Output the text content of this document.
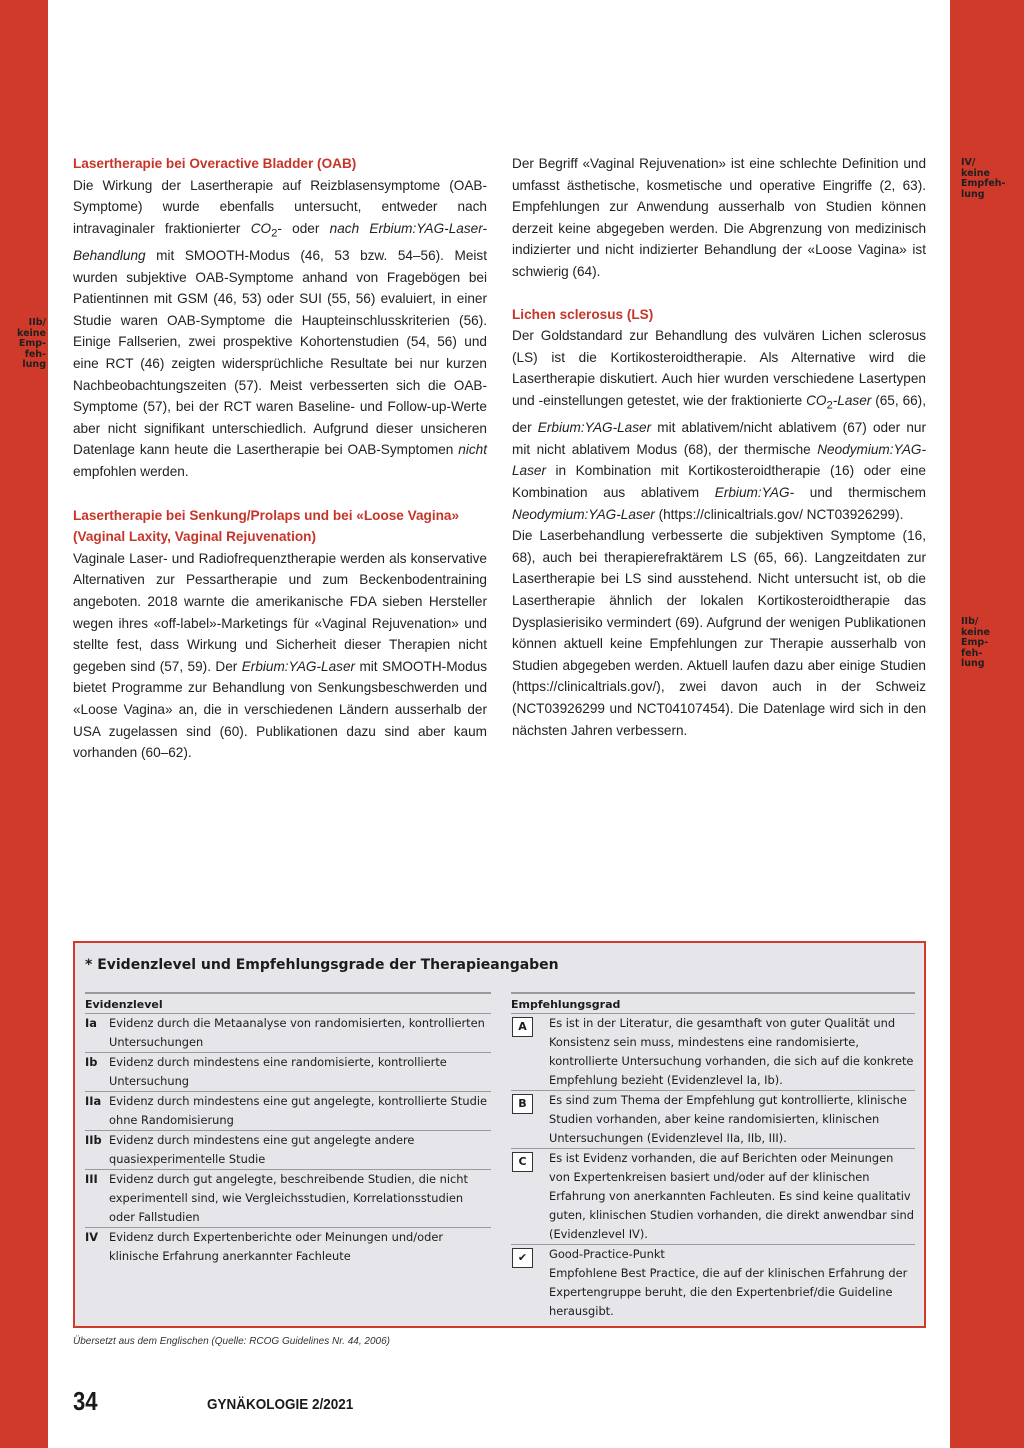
IIb/
keine
Emp-
feh-
lung
IV/
keine
Empfeh-
lung
IIb/
keine
Emp-
feh-
lung
Lasertherapie bei Overactive Bladder (OAB)

Die Wirkung der Lasertherapie auf Reizblasensymptome (OAB-Symptome) wurde ebenfalls untersucht, entweder nach intravaginaler fraktionierter $CO_2-$ oder nach Erbium:YAG-Laser-Behandlung mit SMOOTH-Modus (46, 53 bzw. 54–56). Meist wurden subjektive OAB-Symptome anhand von Fragebögen bei Patientinnen mit GSM (46, 53) oder SUI (55, 56) evaluiert, in einer Studie waren OAB-Symptome die Haupteinschlusskriterien (56). Einige Fallserien, zwei prospektive Kohortenstudien (54, 56) und eine RCT (46) zeigten widersprüchliche Resultate bei nur kurzen Nachbeobachtungszeiten (57). Meist verbesserten sich die OAB-Symptome (57), bei der RCT waren Baseline- und Follow-up-Werte aber nicht signifikant unterschiedlich. Aufgrund dieser unsicheren Datenlage kann heute die Lasertherapie bei OAB-Symptomen nicht empfohlen werden.

Lasertherapie bei Senkung/Prolaps und bei «Loose Vagina» (Vaginal Laxity, Vaginal Rejuvenation)

Vaginale Laser- und Radiofrequenztherapie werden als konservative Alternativen zur Pessartherapie und zum Beckenbodentraining angeboten. 2018 warnte die amerikanische FDA sieben Hersteller wegen ihres «off-label»-Marketings für «Vaginal Rejuvenation» und stellte fest, dass Wirkung und Sicherheit dieser Therapien nicht gegeben sind (57, 59). Der Erbium:YAG-Laser mit SMOOTH-Modus bietet Programme zur Behandlung von Senkungsbeschwerden und «Loose Vagina» an, die in verschiedenen Ländern ausserhalb der USA zugelassen sind (60). Publikationen dazu sind aber kaum vorhanden (60–62).

Der Begriff «Vaginal Rejuvenation» ist eine schlechte Definition und umfasst ästhetische, kosmetische und operative Eingriffe (2, 63). Empfehlungen zur Anwendung ausserhalb von Studien können derzeit keine abgegeben werden. Die Abgrenzung von medizinisch indizierter und nicht indizierter Behandlung der «Loose Vagina» ist schwierig (64).

Lichen sclerosus (LS)

Der Goldstandard zur Behandlung des vulvären Lichen sclerosus (LS) ist die Kortikosteroidtherapie. Als Alternative wird die Lasertherapie diskutiert. Auch hier wurden verschiedene Lasertypen und -einstellungen getestet, wie der fraktionierte $CO_2$-Laser (65, 66), der Erbium:YAG-Laser mit ablativem/nicht ablativem (67) oder nur mit nicht ablativem Modus (68), der thermische Neodymium:YAG-Laser in Kombination mit Kortikosteroidtherapie (16) oder eine Kombination aus ablativem Erbium:YAG- und thermischem Neodymium:YAG-Laser (https://clinicaltrials.gov/ NCT03926299).

Die Laserbehandlung verbesserte die subjektiven Symptome (16, 68), auch bei therapierefraktärem LS (65, 66). Langzeitdaten zur Lasertherapie bei LS sind ausstehend. Nicht untersucht ist, ob die Lasertherapie ähnlich der lokalen Kortikosteroidtherapie das Dysplasierisiko vermindert (69). Aufgrund der wenigen Publikationen können aktuell keine Empfehlungen zur Therapie ausserhalb von Studien abgegeben werden. Aktuell laufen dazu aber einige Studien (https://clinicaltrials.gov/), zwei davon auch in der Schweiz (NCT03926299 und NCT04107454). Die Datenlage wird sich in den nächsten Jahren verbessern.

* Evidenzlevel und Empfehlungsgrade der Therapieangaben
Evidenzlevel
Ia	Evidenz durch die Metaanalyse von randomisierten, kontrollierten Untersuchungen
Ib	Evidenz durch mindestens eine randomisierte, kontrollierte Untersuchung
IIa Evidenz durch mindestens eine gut angelegte, kontrollierte Studie ohne Randomisierung
IIb Evidenz durch mindestens eine gut angelegte andere quasiexperimentelle Studie
III Evidenz durch gut angelegte, beschreibende Studien, die nicht experimentell sind, wie Vergleichsstudien, Korrelationsstudien oder Fallstudien
IV Evidenz durch Expertenberichte oder Meinungen und/oder klinische Erfahrung anerkannter Fachleute
Empfehlungsgrad
A	Es ist in der Literatur, die gesamthaft von guter Qualität und Konsistenz sein muss, mindestens eine randomisierte, kontrollierte Untersuchung vorhanden, die sich auf die konkrete Empfehlung bezieht (Evidenzlevel Ia, Ib).
B	Es sind zum Thema der Empfehlung gut kontrollierte, klinische Studien vorhanden, aber keine randomisierten, klinischen Untersuchungen (Evidenzlevel IIa, IIb, III).
C	Es ist Evidenz vorhanden, die auf Berichten oder Meinungen von Expertenkreisen basiert und/oder auf der klinischen Erfahrung von anerkannten Fachleuten. Es sind keine qualitativ guten, klinischen Studien vorhanden, die direkt anwendbar sind (Evidenzlevel IV).
✔	Good-Practice-Punkt
Empfohlene Best Practice, die auf der klinischen Erfahrung der Expertengruppe beruht, die den Expertenbrief/die Guideline herausgibt.
Übersetzt aus dem Englischen (Quelle: RCOG Guidelines Nr. 44, 2006)
34	GYNÄKOLOGIE 2/2021
